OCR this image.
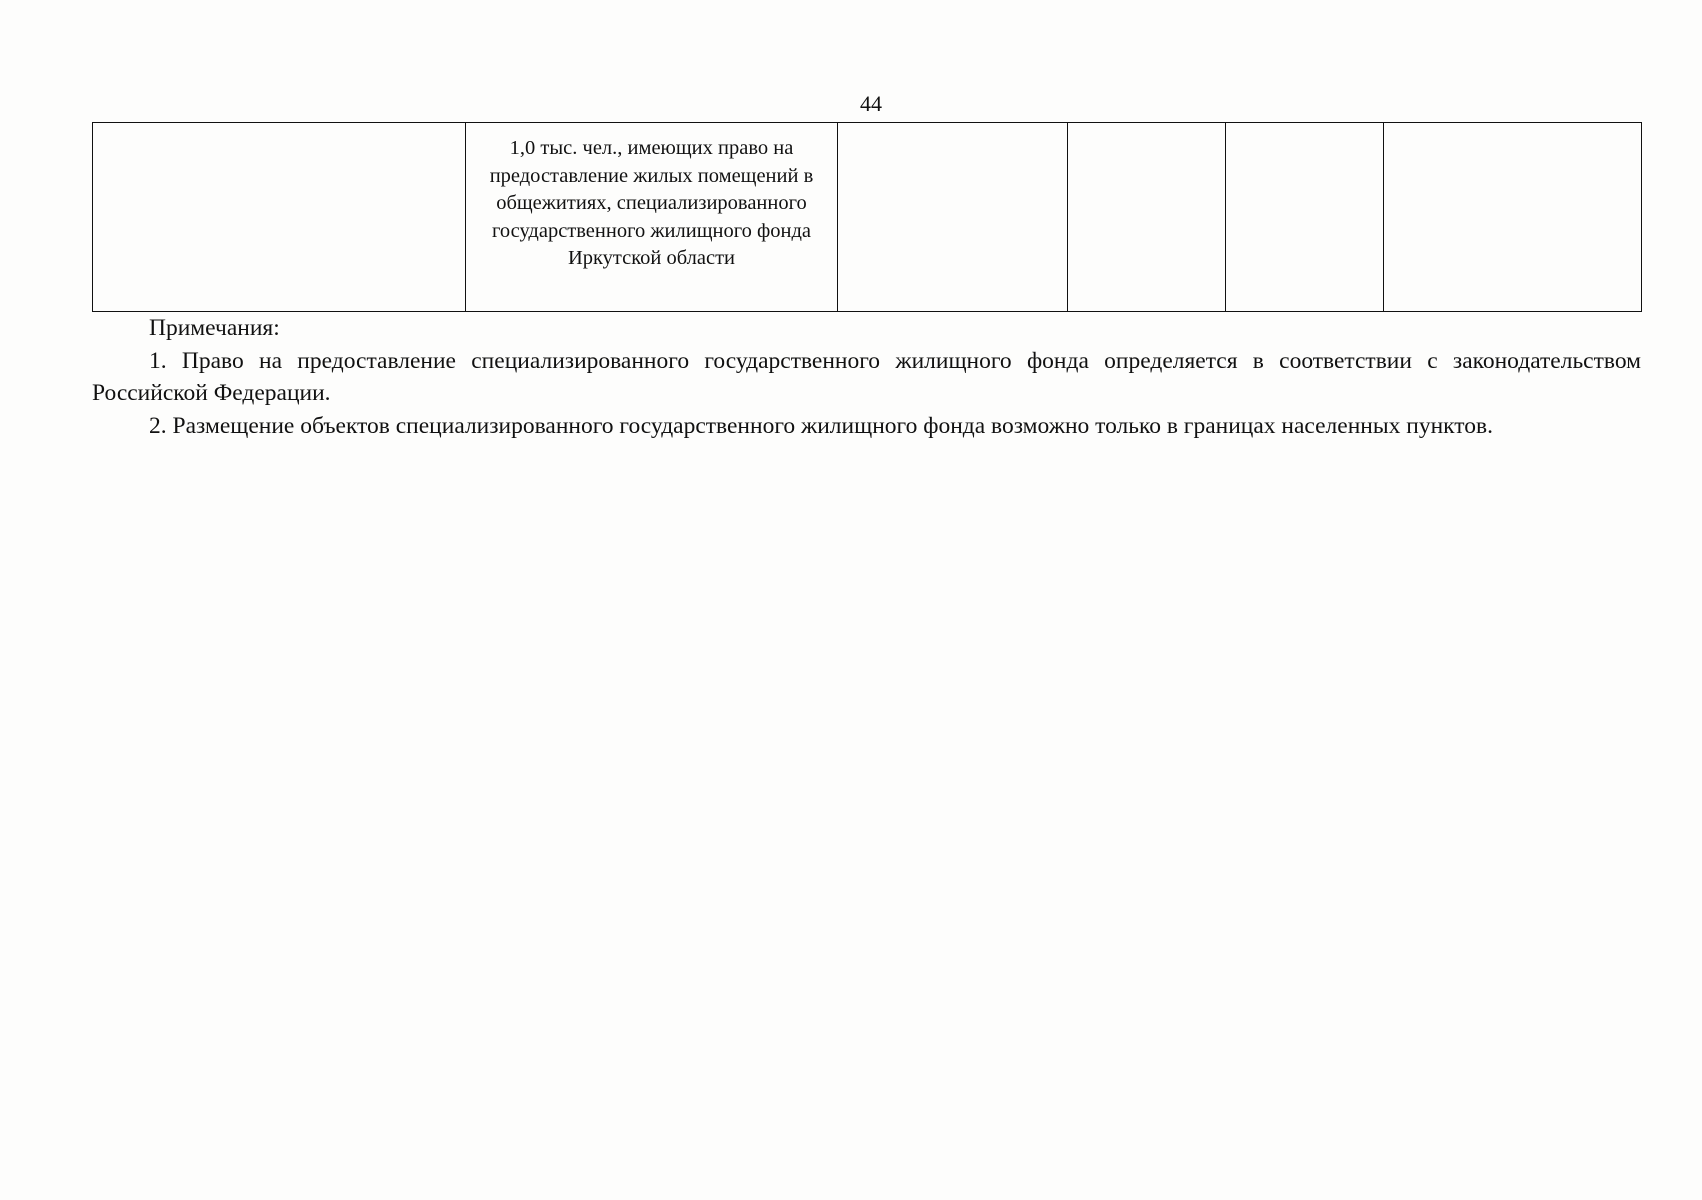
44

1,0 тыс. чел., имеющих право на предоставление жилых помещений в общежитиях, специализированного государственного жилищного фонда Иркутской области

Примечания:

1. Право на предоставление специализированного государственного жилищного фонда определяется в соответствии с законодательством Российской Федерации.

2. Размещение объектов специализированного государственного жилищного фонда возможно только в границах населенных пунктов.
